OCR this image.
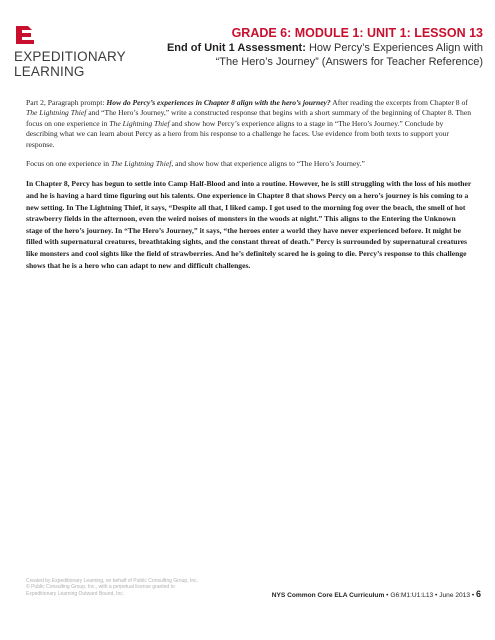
EXPEDITIONARY
LEARNING
GRADE 6: MODULE 1: UNIT 1: LESSON 13
End of Unit 1 Assessment: How Percy’s Experiences Align with “The Hero’s Journey” (Answers for Teacher Reference)

Part 2, Paragraph prompt: How do Percy’s experiences in Chapter 8 align with the hero’s journey? After reading the excerpts from Chapter 8 of The Lightning Thief and “The Hero’s Journey,” write a constructed response that begins with a short summary of the beginning of Chapter 8. Then focus on one experience in The Lightning Thief and show how Percy’s experience aligns to a stage in “The Hero’s Journey.” Conclude by describing what we can learn about Percy as a hero from his response to a challenge he faces. Use evidence from both texts to support your response.

Focus on one experience in The Lightning Thief, and show how that experience aligns to “The Hero’s Journey.”

In Chapter 8, Percy has begun to settle into Camp Half-Blood and into a routine. However, he is still struggling with the loss of his mother and he is having a hard time figuring out his talents. One experience in Chapter 8 that shows Percy on a hero’s journey is his coming to a new setting. In The Lightning Thief, it says, “Despite all that, I liked camp. I got used to the morning fog over the beach, the smell of hot strawberry fields in the afternoon, even the weird noises of monsters in the woods at night.” This aligns to the Entering the Unknown stage of the hero’s journey. In “The Hero’s Journey,” it says, “the heroes enter a world they have never experienced before. It might be filled with supernatural creatures, breathtaking sights, and the constant threat of death.” Percy is surrounded by supernatural creatures like monsters and cool sights like the field of strawberries. And he’s definitely scared he is going to die. Percy’s response to this challenge shows that he is a hero who can adapt to new and difficult challenges.

Created by Expeditionary Learning, on behalf of Public Consulting Group, Inc.
© Public Consulting Group, Inc., with a perpetual license granted to
Expeditionary Learning Outward Bound, Inc.	NYS Common Core ELA Curriculum • G6:M1:U1:L13 • June 2013 • 6
